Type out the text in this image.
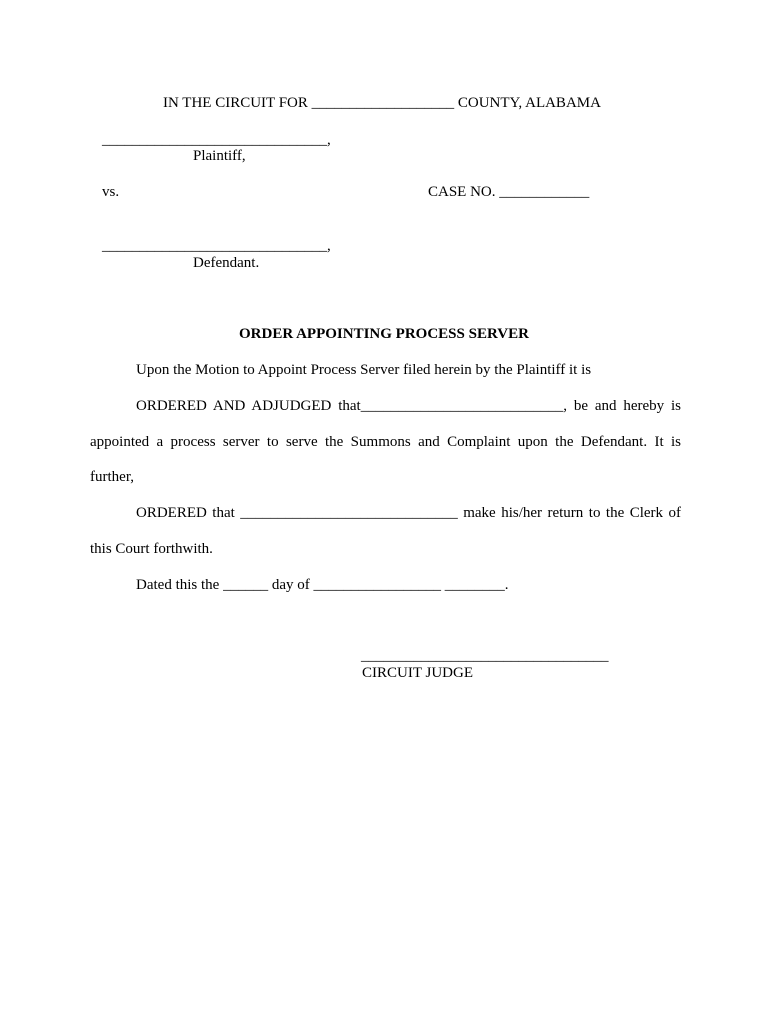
IN THE CIRCUIT FOR ___________________ COUNTY, ALABAMA
______________________________,
Plaintiff,
vs.	CASE NO. ____________
______________________________,
Defendant.
ORDER APPOINTING PROCESS SERVER
Upon the Motion to Appoint Process Server filed herein by the Plaintiff it is
ORDERED AND ADJUDGED that___________________________, be and hereby is
appointed a process server to serve the Summons and Complaint upon the Defendant. It is
further,
ORDERED that _____________________________ make his/her return to the Clerk of
this Court forthwith.
Dated this the ______ day of _________________ ________.
_________________________________
CIRCUIT JUDGE
